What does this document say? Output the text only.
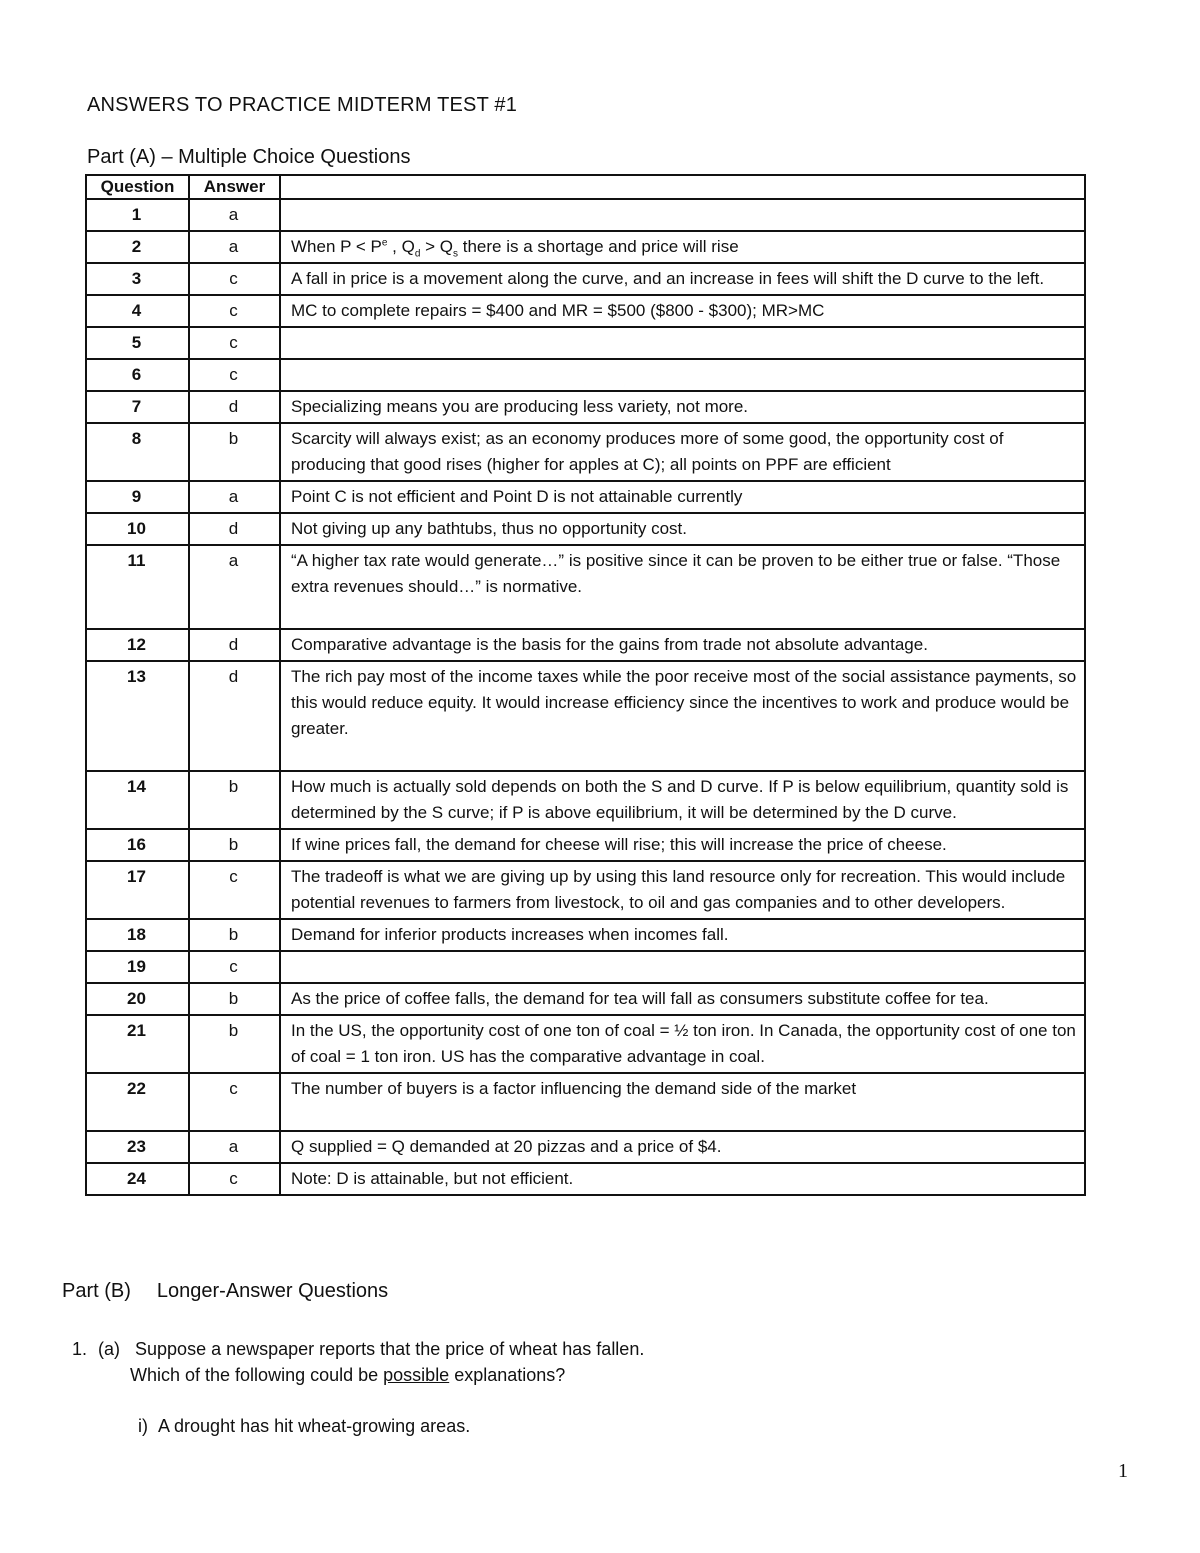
ANSWERS TO PRACTICE MIDTERM TEST #1
Part (A) – Multiple Choice Questions
Question	Answer	
1	a	
2	a	When $P < P^e$ , $Q_d > Q_s$ there is a shortage and price will rise
3	c	A fall in price is a movement along the curve, and an increase in fees will shift the D curve to the left.
4	c	MC to complete repairs = $400 and MR = $500 ($800 - $300); MR>MC
5	c	
6	c	
7	d	Specializing means you are producing less variety, not more.
8	b	Scarcity will always exist; as an economy produces more of some good, the opportunity cost of producing that good rises (higher for apples at C); all points on PPF are efficient
9	a	Point C is not efficient and Point D is not attainable currently
10	d	Not giving up any bathtubs, thus no opportunity cost.
11	a	“A higher tax rate would generate…” is positive since it can be proven to be either true or false. “Those extra revenues should…” is normative.
12	d	Comparative advantage is the basis for the gains from trade not absolute advantage.
13	d	The rich pay most of the income taxes while the poor receive most of the social assistance payments, so this would reduce equity. It would increase efficiency since the incentives to work and produce would be greater.
14	b	How much is actually sold depends on both the S and D curve. If P is below equilibrium, quantity sold is determined by the S curve; if P is above equilibrium, it will be determined by the D curve.
16	b	If wine prices fall, the demand for cheese will rise; this will increase the price of cheese.
17	c	The tradeoff is what we are giving up by using this land resource only for recreation. This would include potential revenues to farmers from livestock, to oil and gas companies and to other developers.
18	b	Demand for inferior products increases when incomes fall.
19	c	
20	b	As the price of coffee falls, the demand for tea will fall as consumers substitute coffee for tea.
21	b	In the US, the opportunity cost of one ton of coal = ½ ton iron. In Canada, the opportunity cost of one ton of coal = 1 ton iron. US has the comparative advantage in coal.
22	c	The number of buyers is a factor influencing the demand side of the market
23	a	Q supplied = Q demanded at 20 pizzas and a price of $4.
24	c	Note: D is attainable, but not efficient.
Part (B) Longer-Answer Questions
1. (a) Suppose a newspaper reports that the price of wheat has fallen.
Which of the following could be possible explanations?
i) A drought has hit wheat-growing areas.
1
